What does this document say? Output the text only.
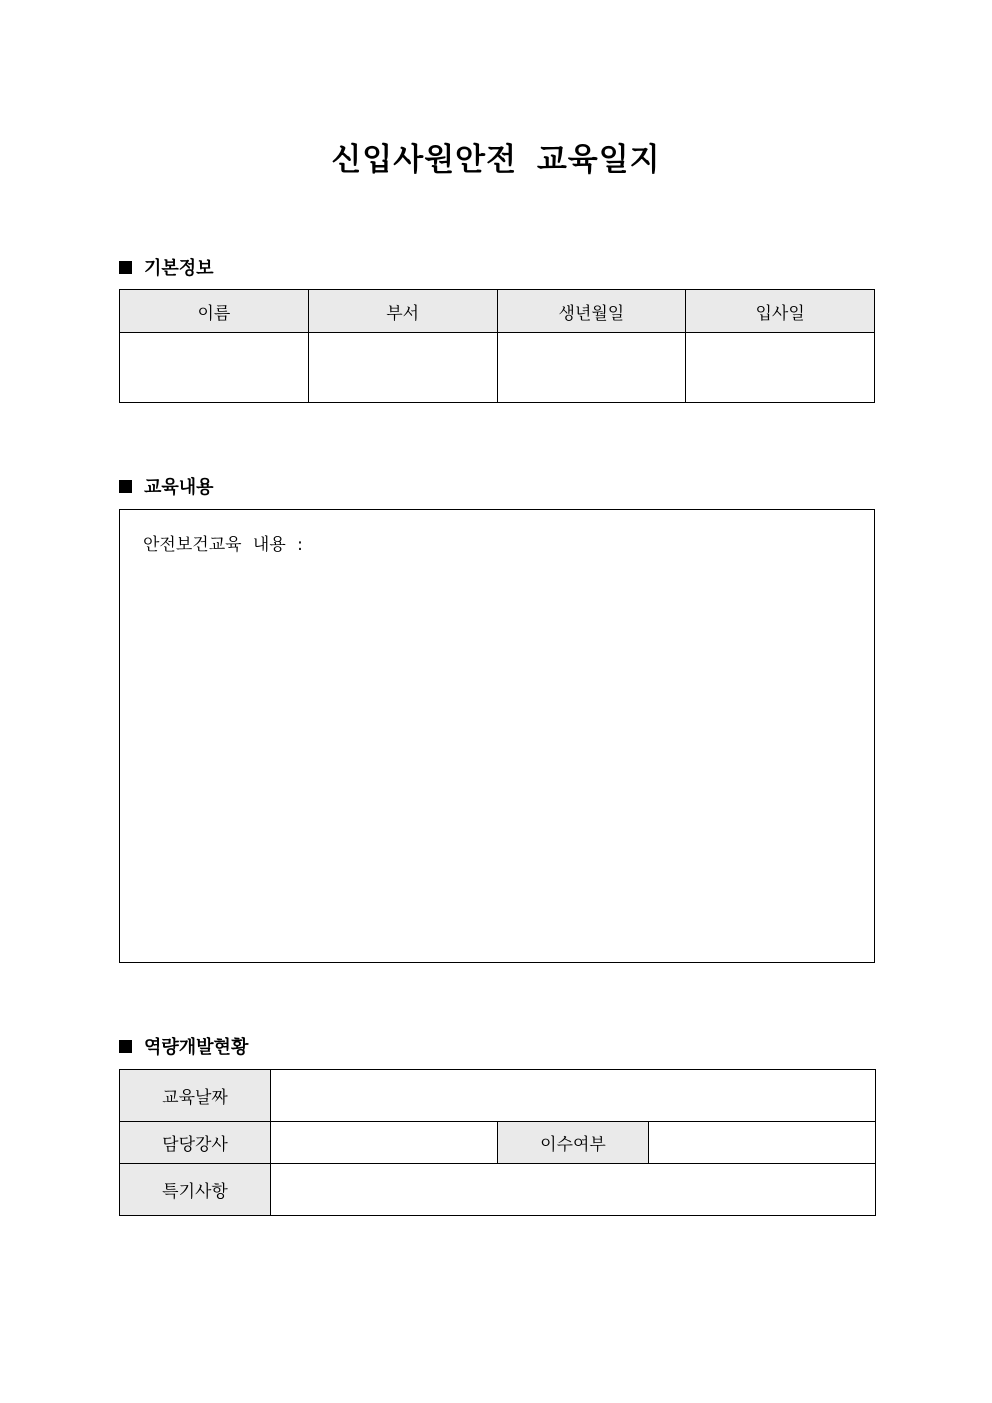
신입사원안전 교육일지
기본정보
이름	부서	생년월일	입사일

교육내용
안전보건교육 내용 :
역량개발현황
교육날짜			
담당강사		이수여부	
특기사항			
